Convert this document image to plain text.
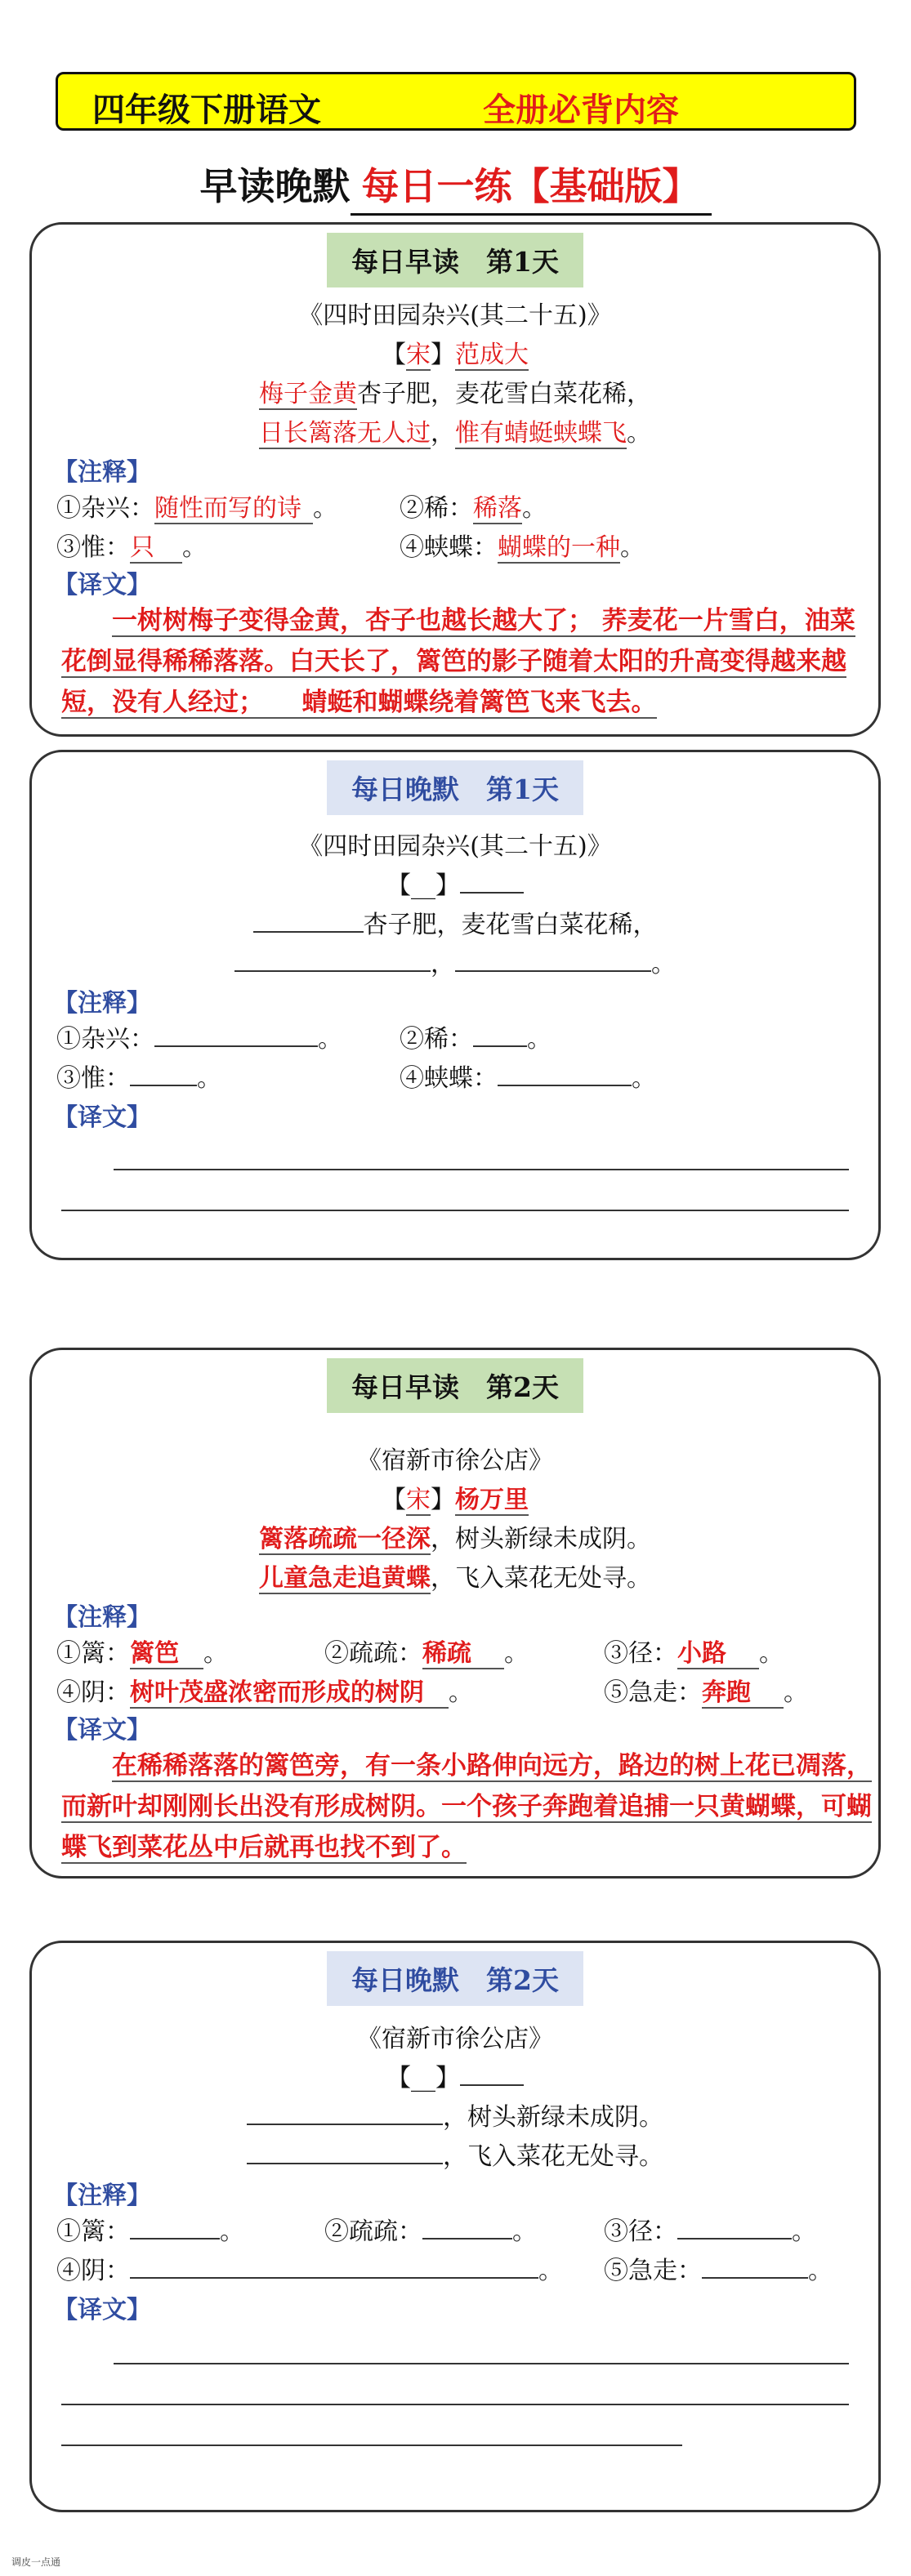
四年级下册语文	全册必背内容
早读晚默 每日一练【基础版】
每日早读　第1天
《四时田园杂兴(其二十五)》
【宋】范成大
梅子金黄杏子肥，麦花雪白菜花稀，
日长篱落无人过，惟有蜻蜓蛱蝶飞。
【注释】
①杂兴：随性而写的诗 。	②稀：稀落。
③惟：只 。	④蛱蝶：蝴蝶的一种。
【译文】
一树树梅子变得金黄，杏子也越长越大了； 荞麦花一片雪白，油菜花倒显得稀稀落落。白天长了，篱笆的影子随着太阳的升高变得越来越短，没有人经过；　　蜻蜓和蝴蝶绕着篱笆飞来飞去。
每日晚默　第1天
《四时田园杂兴(其二十五)》
【__】
杏子肥，麦花雪白菜花稀，
，	。
【注释】
①杂兴：	。 ②稀： 。
③惟：	。	④蛱蝶：	。
【译文】
每日早读　第2天
《宿新市徐公店》
【宋】杨万里
篱落疏疏一径深，树头新绿未成阴。
儿童急走追黄蝶，飞入菜花无处寻。
【注释】
①篱：篱笆 。	②疏疏：稀疏 。	③径：小路 。
④阴：树叶茂盛浓密而形成的树阴 。	⑤急走：奔跑 。
【译文】
在稀稀落落的篱笆旁，有一条小路伸向远方，路边的树上花已凋落，而新叶却刚刚长出没有形成树阴。一个孩子奔跑着追捕一只黄蝴蝶，可蝴蝶飞到菜花丛中后就再也找不到了。
每日晚默　第2天
《宿新市徐公店》
【__】
，树头新绿未成阴。
，飞入菜花无处寻。
【注释】
①篱：	。	②疏疏：	。	③径：	。
④阴：	。 ⑤急走：	。
【译文】
调皮一点通
